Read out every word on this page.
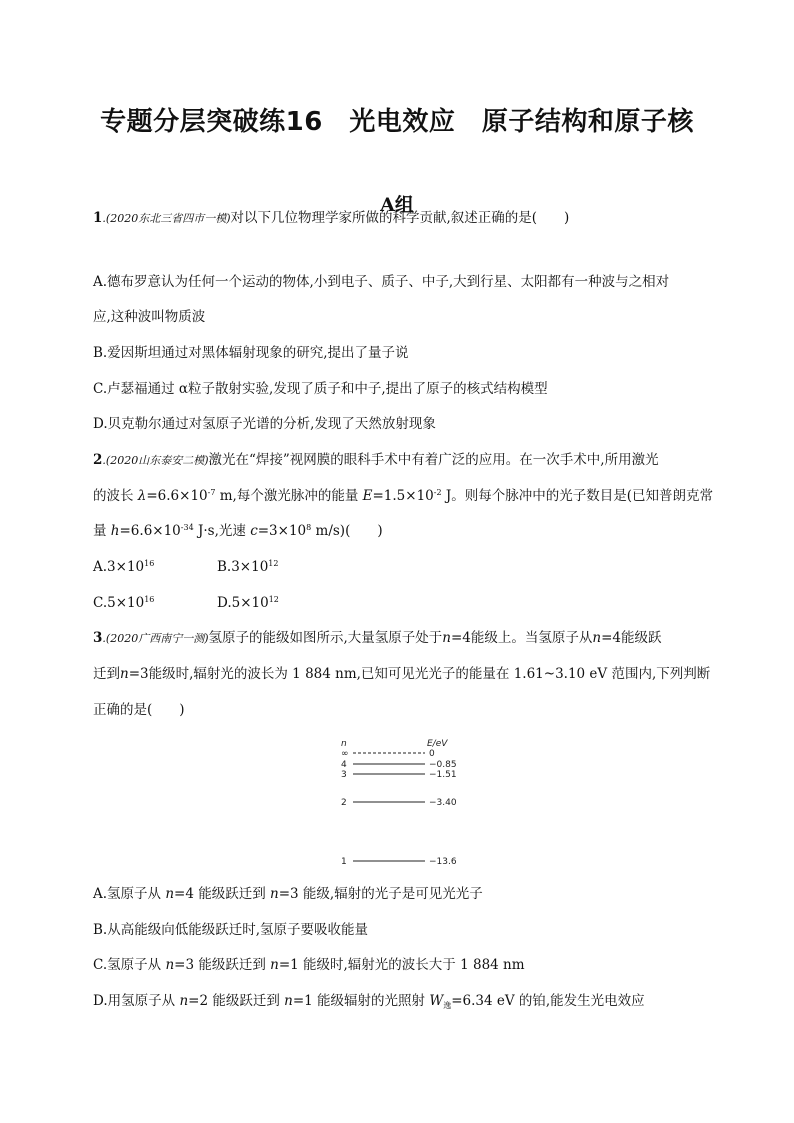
专题分层突破练16　光电效应　原子结构和原子核
A组
1.(2020东北三省四市一模)对以下几位物理学家所做的科学贡献,叙述正确的是(　　)
A.德布罗意认为任何一个运动的物体,小到电子、质子、中子,大到行星、太阳都有一种波与之相对
应,这种波叫物质波
B.爱因斯坦通过对黑体辐射现象的研究,提出了量子说
C.卢瑟福通过 α粒子散射实验,发现了质子和中子,提出了原子的核式结构模型
D.贝克勒尔通过对氢原子光谱的分析,发现了天然放射现象
2.(2020山东泰安二模)激光在“焊接”视网膜的眼科手术中有着广泛的应用。在一次手术中,所用激光
的波长 $\lambda=6.6\times 10^{-7}$ m,每个激光脉冲的能量 $E=1.5\times 10^{-2}$ J。则每个脉冲中的光子数目是(已知普朗克常
量 $h=6.6\times 10^{-34}$ J·s,光速 $c=3\times 10^8$ m/s)(　　)
$A.3\times 10^{16}$	$B.3\times 10^{12}$
$C.5\times 10^{16}$	$D.5\times 10^{12}$
3.(2020广西南宁一测)氢原子的能级如图所示,大量氢原子处于n=4能级上。当氢原子从n=4能级跃
迁到n=3能级时,辐射光的波长为 1 884 nm,已知可见光光子的能量在 1.61~3.10 eV 范围内,下列判断
正确的是(　　)
n	E/eV
∞	0
4	−0.85
3	−1.51
2	−3.40
1	−13.6
A.氢原子从 n=4 能级跃迁到 n=3 能级,辐射的光子是可见光光子
B.从高能级向低能级跃迁时,氢原子要吸收能量
C.氢原子从 n=3 能级跃迁到 n=1 能级时,辐射光的波长大于 1 884 nm
D.用氢原子从 n=2 能级跃迁到 n=1 能级辐射的光照射 $W_逸=6.34$ eV 的铂,能发生光电效应
